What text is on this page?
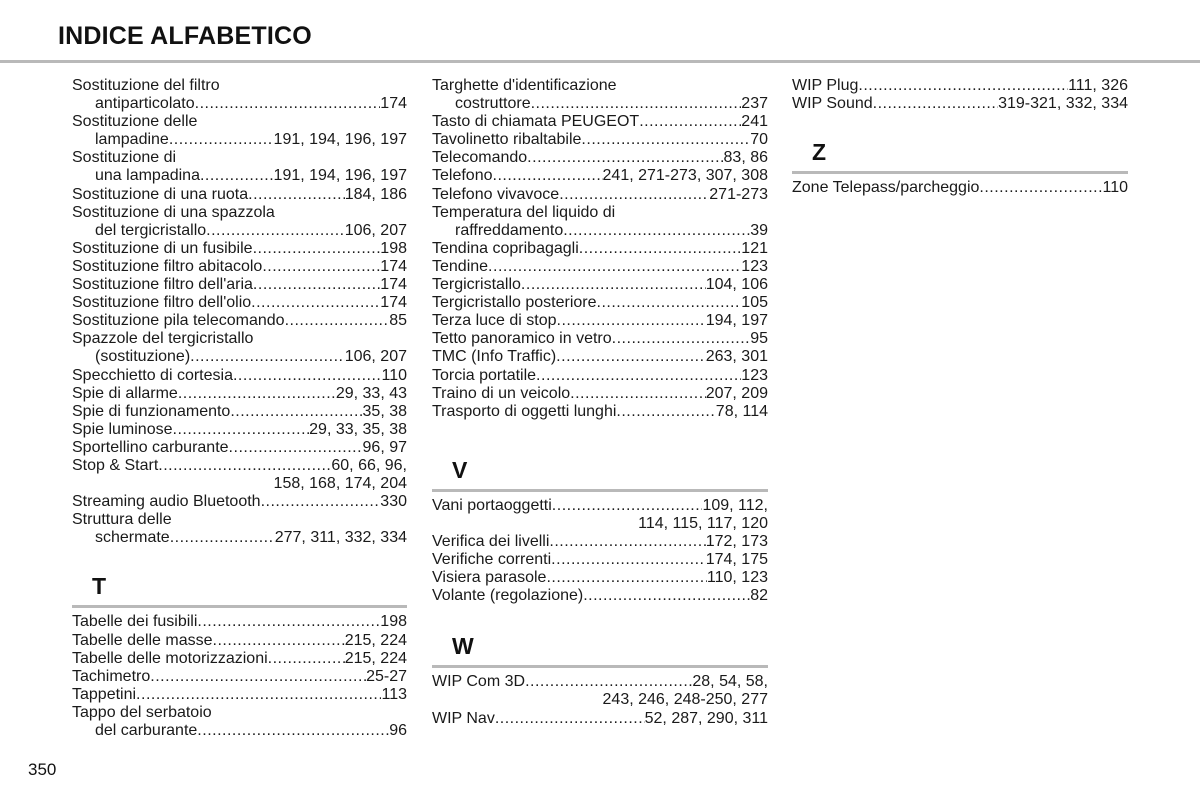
INDICE ALFABETICO
Sostituzione del filtro
antiparticolato .....	174
Sostituzione delle
lampadine .....	191, 194, 196, 197
Sostituzione di
una lampadina .....	191, 194, 196, 197
Sostituzione di una ruota .....	184, 186
Sostituzione di una spazzola
del tergicristallo .....	106, 207
Sostituzione di un fusibile .....	198
Sostituzione filtro abitacolo .....	174
Sostituzione filtro dell'aria .....	174
Sostituzione filtro dell'olio .....	174
Sostituzione pila telecomando .....	85
Spazzole del tergicristallo
(sostituzione) .....	106, 207
Specchietto di cortesia .....	110
Spie di allarme .....	29, 33, 43
Spie di funzionamento .....	35, 38
Spie luminose .....	29, 33, 35, 38
Sportellino carburante .....	96, 97
Stop & Start .....	60, 66, 96,
158, 168, 174, 204
Streaming audio Bluetooth .....	330
Struttura delle
schermate .....	277, 311, 332, 334
T
Tabelle dei fusibili .....	198
Tabelle delle masse .....	215, 224
Tabelle delle motorizzazioni .....	215, 224
Tachimetro .....	25-27
Tappetini .....	113
Tappo del serbatoio
del carburante .....	96
Targhette d'identificazione
costruttore .....	237
Tasto di chiamata PEUGEOT .....	241
Tavolinetto ribaltabile .....	70
Telecomando .....	83, 86
Telefono .....	241, 271-273, 307, 308
Telefono vivavoce .....	271-273
Temperatura del liquido di
raffreddamento .....	39
Tendina copribagagli .....	121
Tendine .....	123
Tergicristallo .....	104, 106
Tergicristallo posteriore .....	105
Terza luce di stop .....	194, 197
Tetto panoramico in vetro .....	95
TMC (Info Traffic) .....	263, 301
Torcia portatile .....	123
Traino di un veicolo .....	207, 209
Trasporto di oggetti lunghi .....	78, 114
V
Vani portaoggetti .....	109, 112,
114, 115, 117, 120
Verifica dei livelli .....	172, 173
Verifiche correnti .....	174, 175
Visiera parasole .....	110, 123
Volante (regolazione) .....	82
W
WIP Com 3D .....	28, 54, 58,
243, 246, 248-250, 277
WIP Nav .....	52, 287, 290, 311
WIP Plug .....	111, 326
WIP Sound .....	319-321, 332, 334
Z
Zone Telepass/parcheggio .....	110
350
